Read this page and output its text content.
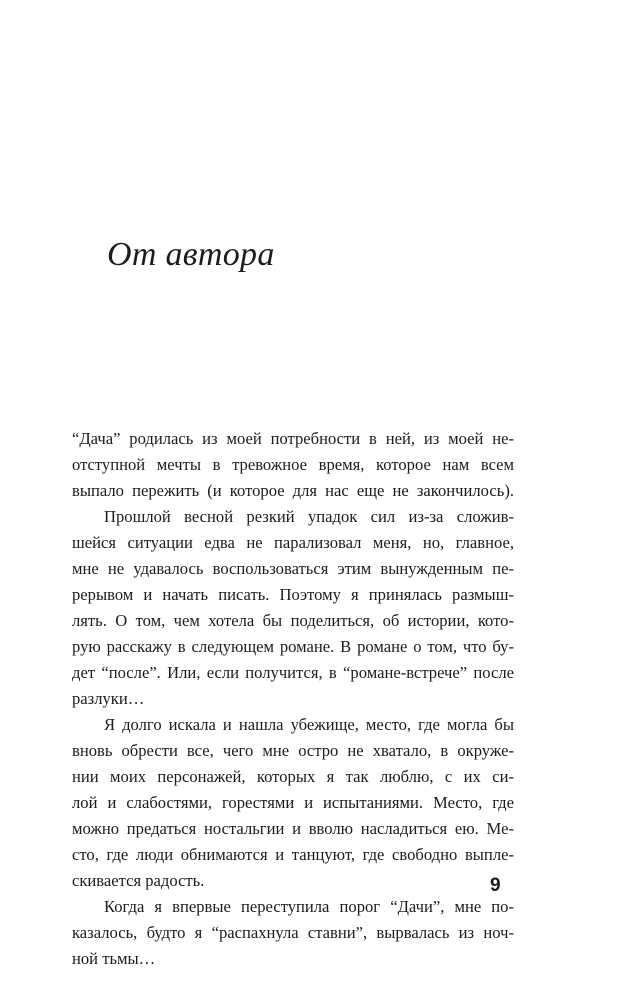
От автора
“Дача” родилась из моей потребности в ней, из моей не-
отступной мечты в тревожное время, которое нам всем
выпало пережить (и которое для нас еще не закончилось).
Прошлой весной резкий упадок сил из-за сложив-
шейся ситуации едва не парализовал меня, но, главное,
мне не удавалось воспользоваться этим вынужденным пе-
рерывом и начать писать. Поэтому я принялась размыш-
лять. О том, чем хотела бы поделиться, об истории, кото-
рую расскажу в следующем романе. В романе о том, что бу-
дет “после”. Или, если получится, в “романе-встрече” после
разлуки…
Я долго искала и нашла убежище, место, где могла бы
вновь обрести все, чего мне остро не хватало, в окруже-
нии моих персонажей, которых я так люблю, с их си-
лой и слабостями, горестями и испытаниями. Место, где
можно предаться ностальгии и вволю насладиться ею. Ме-
сто, где люди обнимаются и танцуют, где свободно выпле-
скивается радость.
Когда я впервые переступила порог “Дачи”, мне по-
казалось, будто я “распахнула ставни”, вырвалась из ноч-
ной тьмы…

9
